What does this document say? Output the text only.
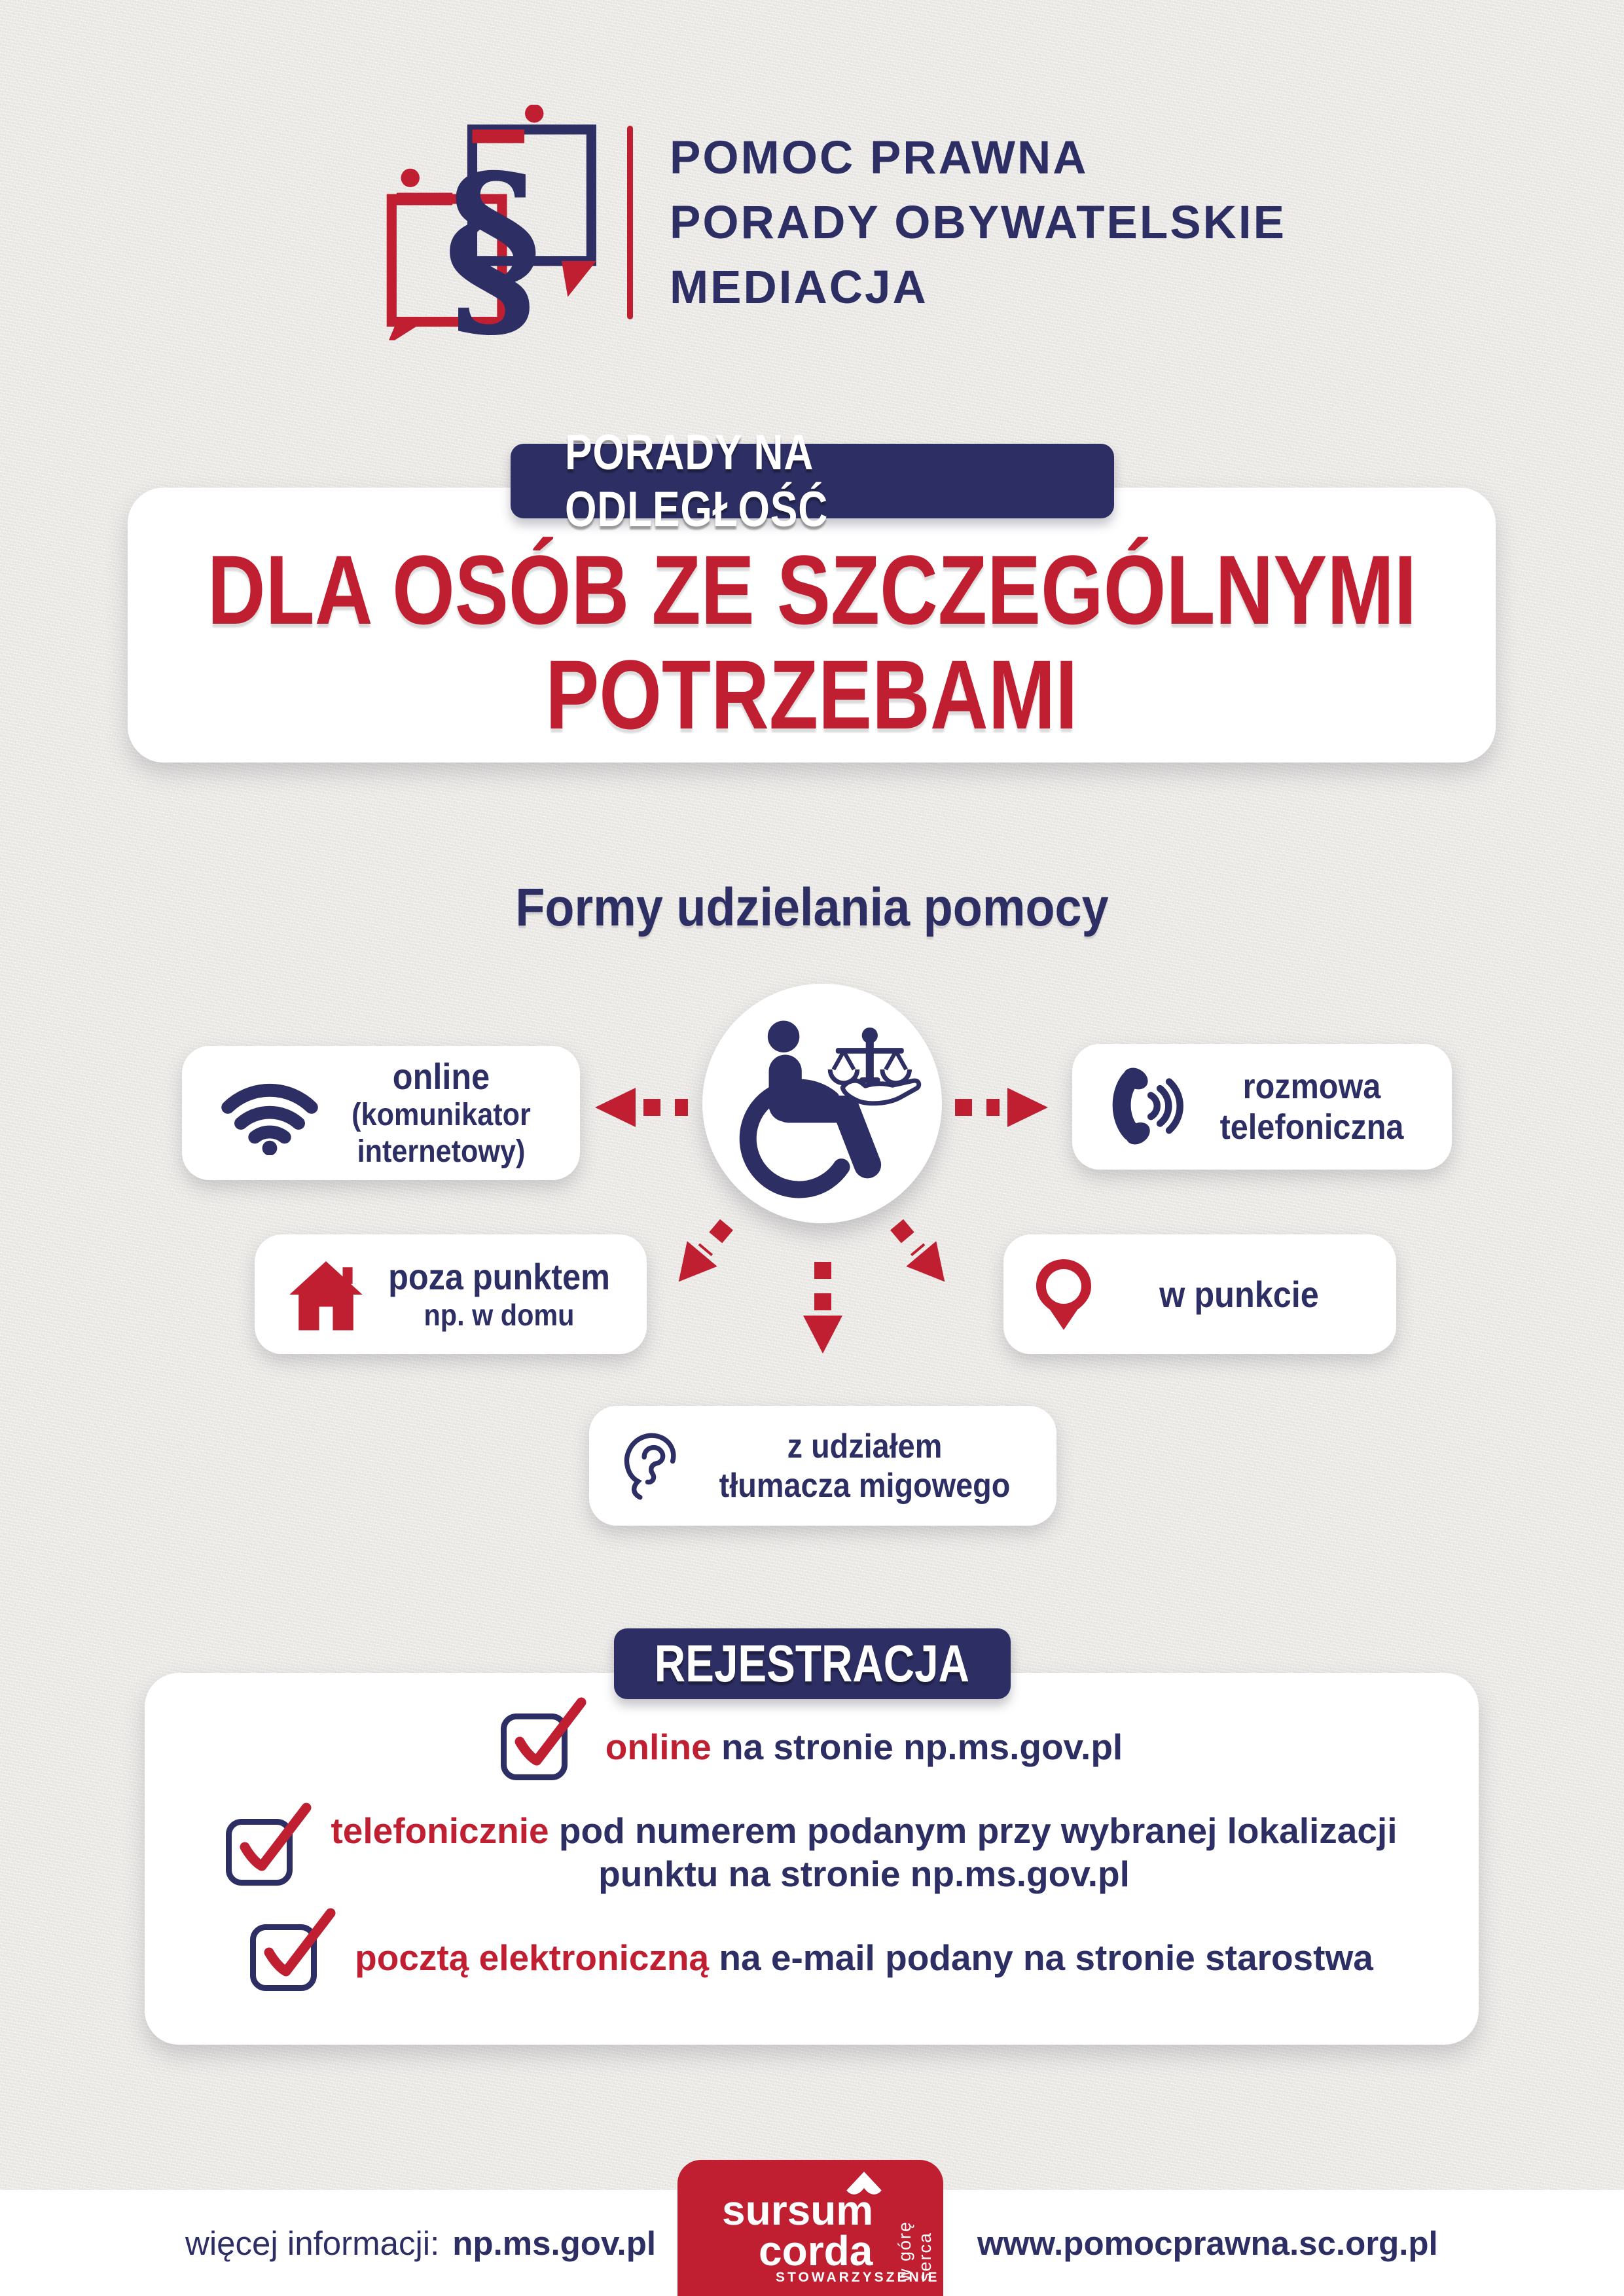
§	POMOC PRAWNA
PORADY OBYWATELSKIE
MEDIACJA
PORADY NA ODLEGŁOŚĆ
DLA OSÓB ZE SZCZEGÓLNYMI
POTRZEBAMI
Formy udzielania pomocy
online
(komunikator
internetowy)
rozmowa
telefoniczna
poza punktem
np. w domu	w punkcie
z udziałem
tłumacza migowego
REJESTRACJA
online na stronie np.ms.gov.pl
telefonicznie pod numerem podanym przy wybranej lokalizacji
punktu na stronie np.ms.gov.pl
pocztą elektroniczną na e-mail podany na stronie starostwa
więcej informacji: np.ms.gov.pl
sursum
corda
STOWARZYSZENIE
w górę serca www.pomocprawna.sc.org.pl
